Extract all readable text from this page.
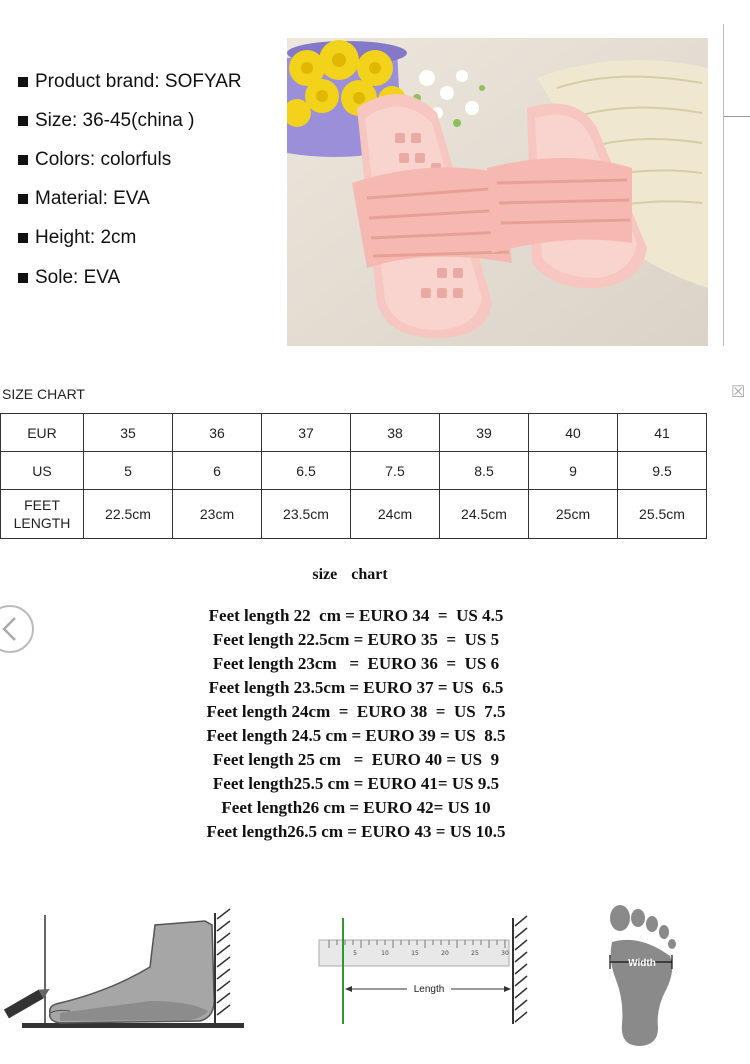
Product brand: SOFYAR
Size: 36-45(china )
Colors: colorfuls
Material: EVA
Height: 2cm
Sole: EVA
SIZE CHART	☒
EUR	35	36	37	38	39	40	41
US	5	6	6.5	7.5	8.5	9	9.5
FEET
LENGTH	22.5cm	23cm	23.5cm	24cm	24.5cm	25cm	25.5cm
size chart
Feet length 22  cm = EURO 34  =  US 4.5
Feet length 22.5cm = EURO 35  =  US 5
Feet length 23cm   =  EURO 36  =  US 6
Feet length 23.5cm = EURO 37 = US  6.5
Feet length 24cm  =  EURO 38  =  US  7.5
Feet length 24.5 cm = EURO 39 = US  8.5
Feet length 25 cm   =  EURO 40 = US  9
Feet length25.5 cm = EURO 41= US 9.5
Feet length26 cm = EURO 42= US 10
Feet length26.5 cm = EURO 43 = US 10.5
5	10	15	20	25	30
Length
Width
